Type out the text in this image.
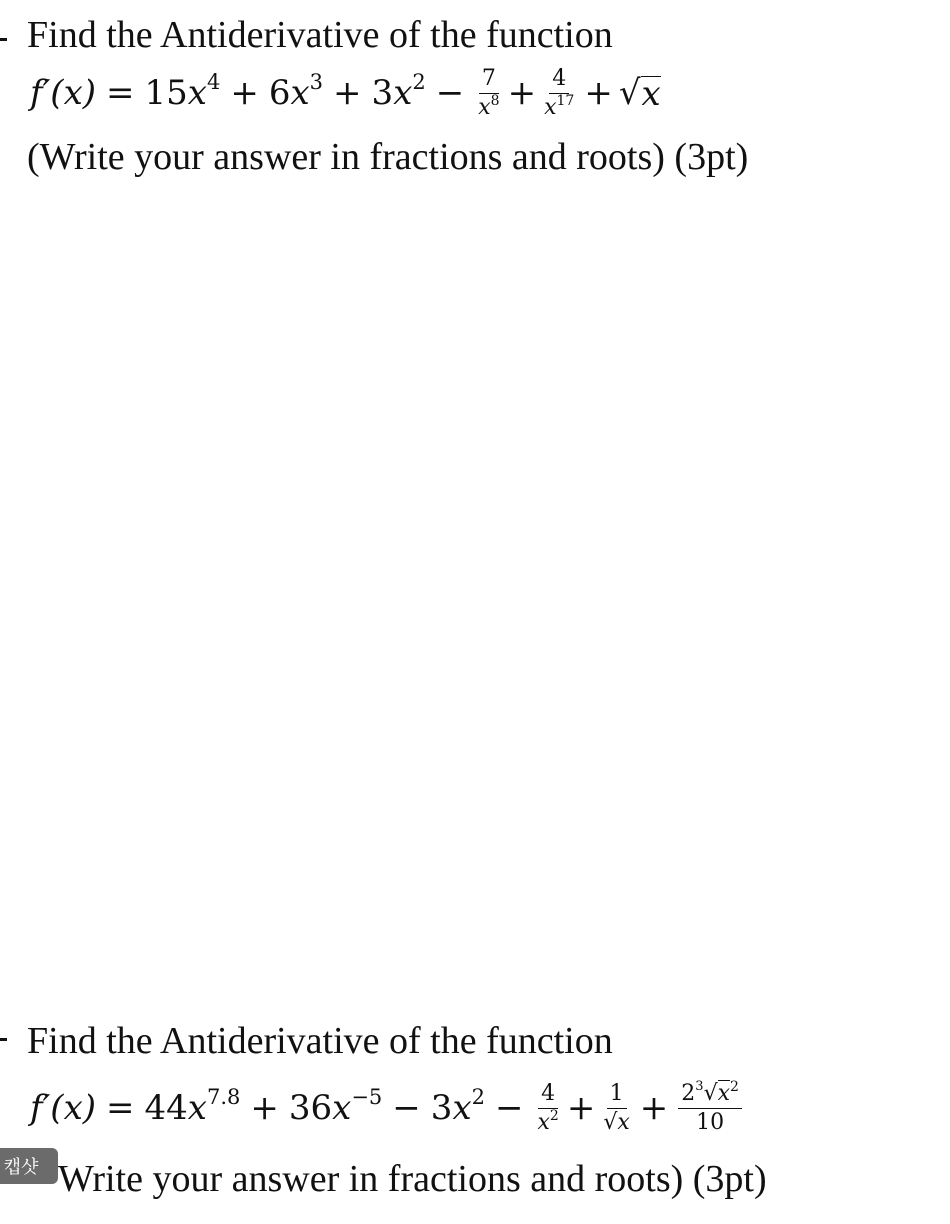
Find the Antiderivative of the function
$f'(x) = 15x^4 + 6x^3 + 3x^2 - \frac{7}{x^8} + \frac{4}{x^{17}}$ + √ x
(Write your answer in fractions and roots) (3pt)
Find the Antiderivative of the function
$f'(x) = 44x^{7.8} + 36x^{-5} - 3x^2 - \frac{4}{x^2} + \frac{1}{√x} + \frac{2^3√x^2}{10}$
Write your answer in fractions and roots) (3pt)
캡샷
